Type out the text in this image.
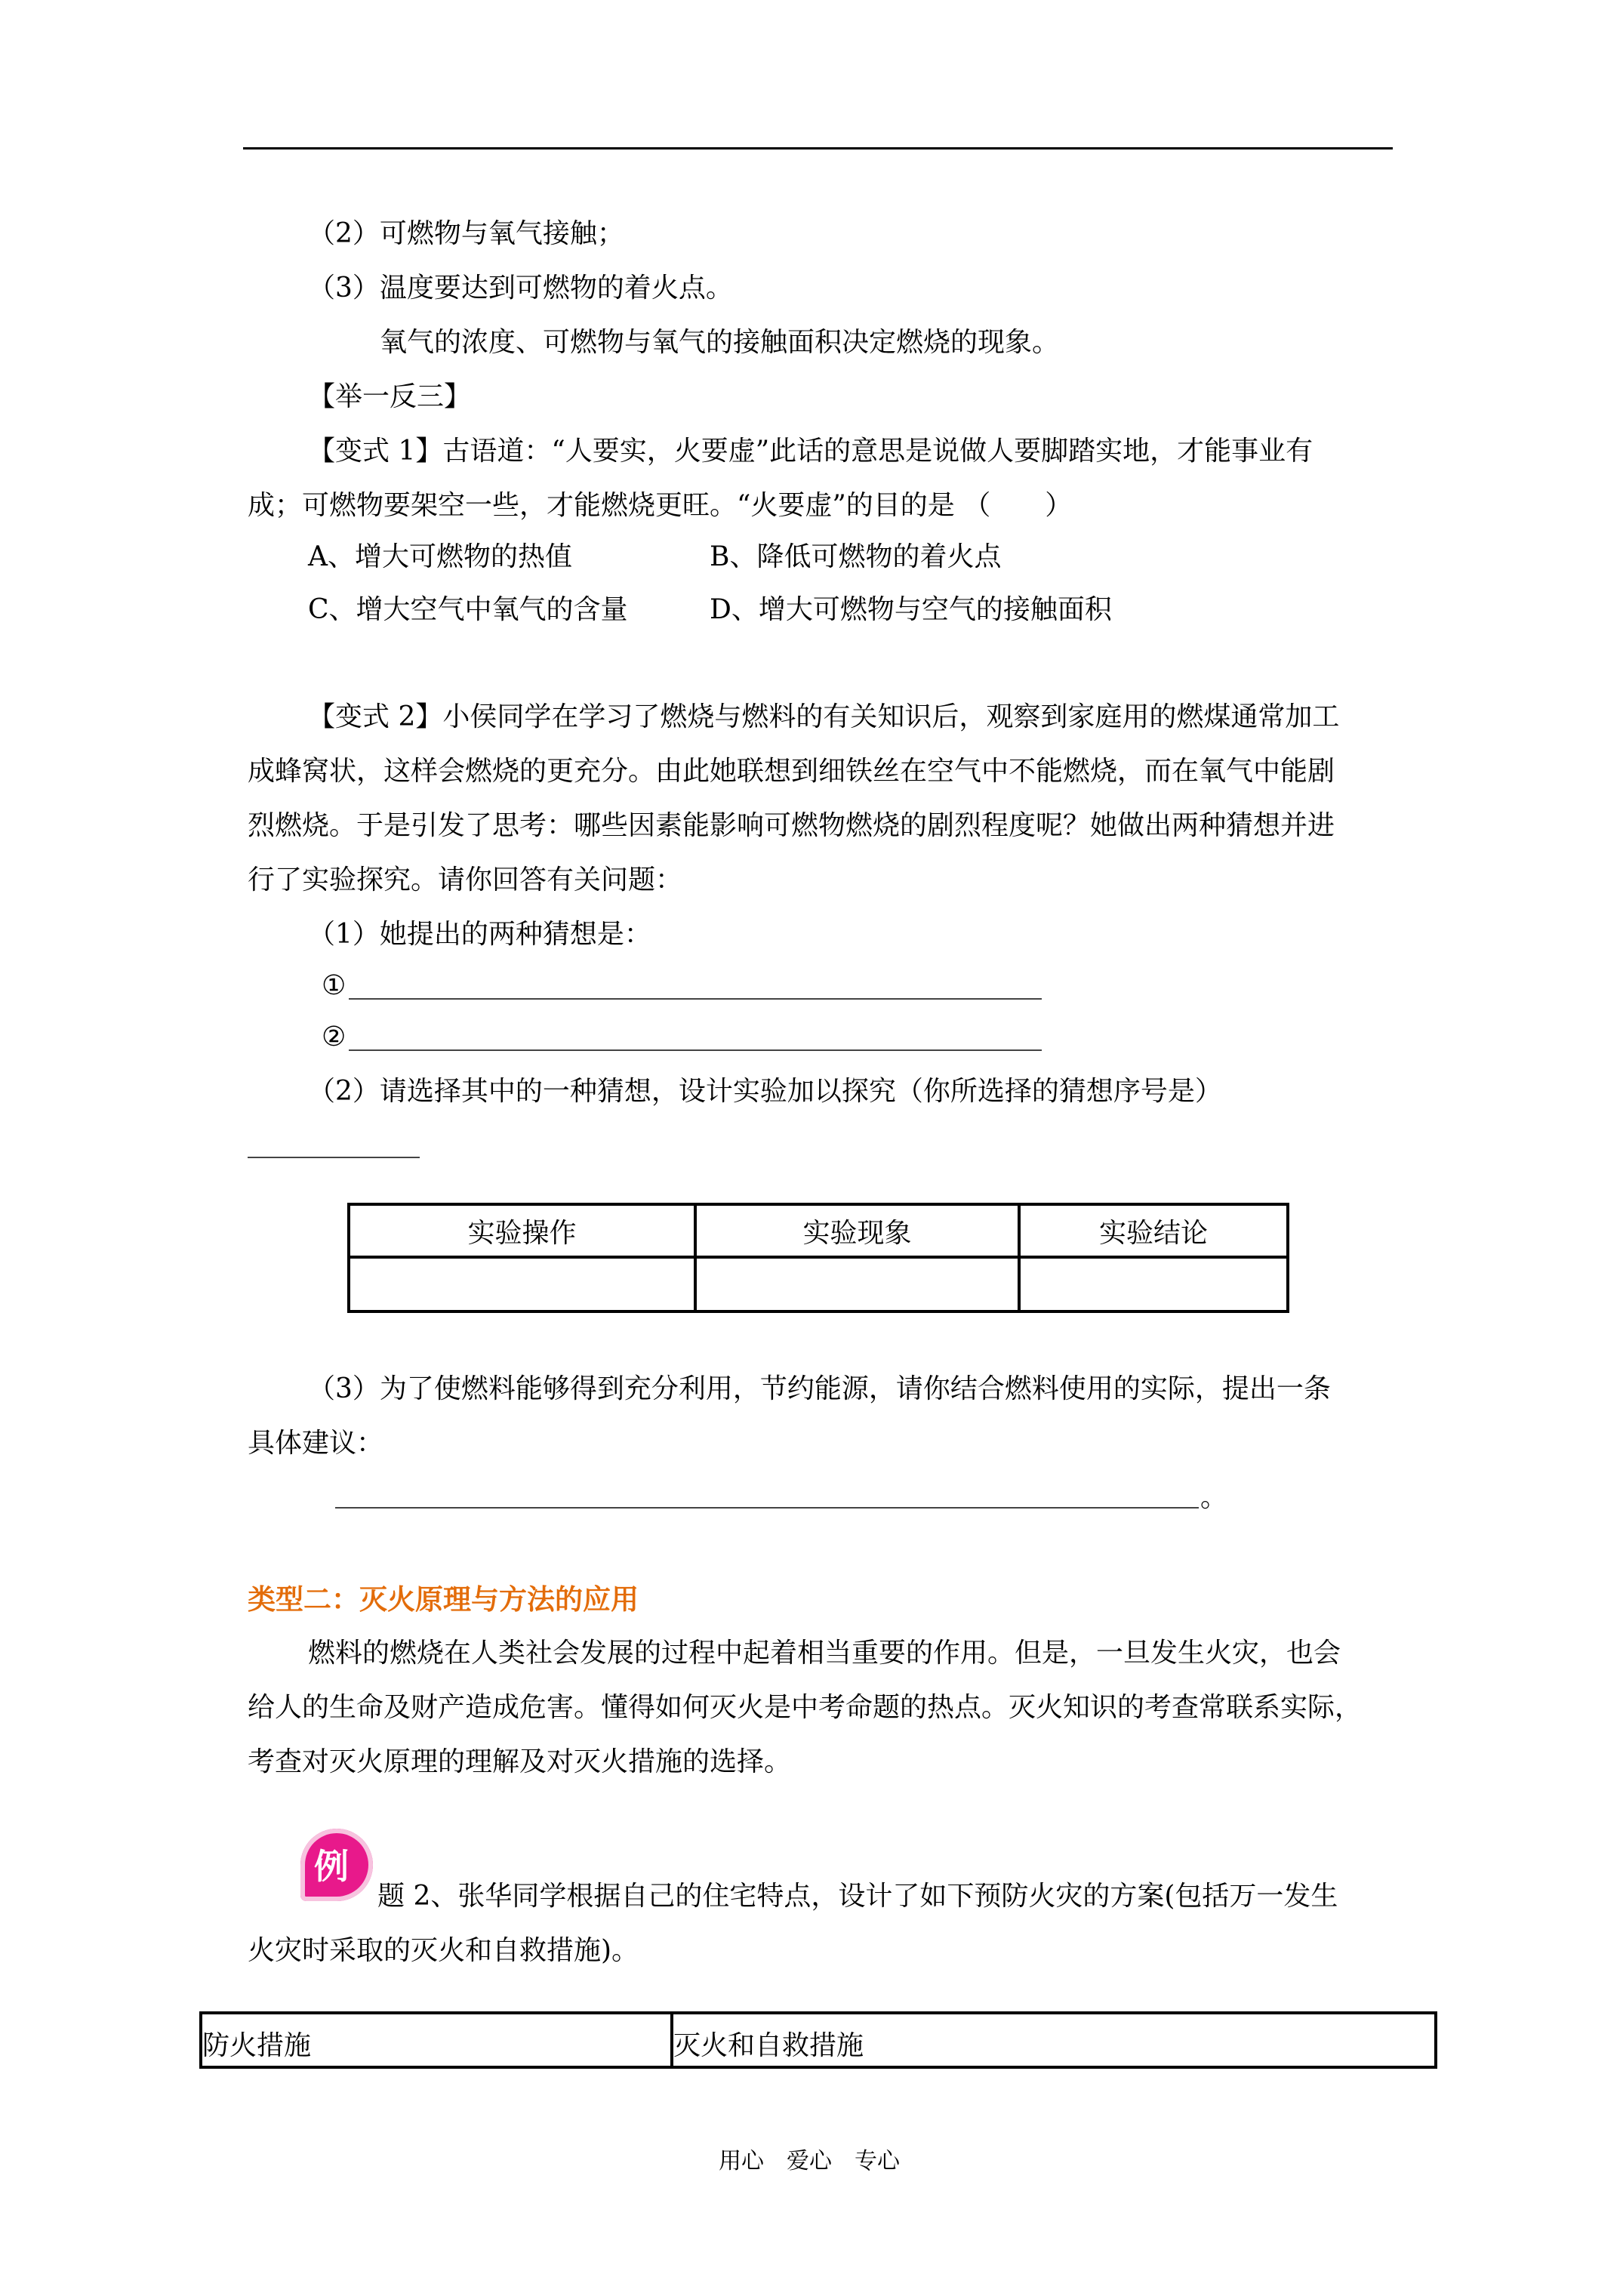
（2）可燃物与氧气接触；
（3）温度要达到可燃物的着火点。
氧气的浓度、可燃物与氧气的接触面积决定燃烧的现象。
【举一反三】
【变式 1】古语道：“人要实，火要虚”此话的意思是说做人要脚踏实地，才能事业有
成；可燃物要架空一些，才能燃烧更旺。“火要虚”的目的是 （　　）
A、增大可燃物的热值	B、降低可燃物的着火点
C、增大空气中氧气的含量	D、增大可燃物与空气的接触面积
【变式 2】小侯同学在学习了燃烧与燃料的有关知识后，观察到家庭用的燃煤通常加工
成蜂窝状，这样会燃烧的更充分。由此她联想到细铁丝在空气中不能燃烧，而在氧气中能剧
烈燃烧。于是引发了思考：哪些因素能影响可燃物燃烧的剧烈程度呢？她做出两种猜想并进
行了实验探究。请你回答有关问题：
（1）她提出的两种猜想是：
①
②
（2）请选择其中的一种猜想，设计实验加以探究（你所选择的猜想序号是）
实验操作	实验现象	实验结论

（3）为了使燃料能够得到充分利用，节约能源，请你结合燃料使用的实际，提出一条
具体建议：
。
类型二：灭火原理与方法的应用
燃料的燃烧在人类社会发展的过程中起着相当重要的作用。但是，一旦发生火灾，也会
给人的生命及财产造成危害。懂得如何灭火是中考命题的热点。灭火知识的考查常联系实际，
考查对灭火原理的理解及对灭火措施的选择。
例
题 2、张华同学根据自己的住宅特点，设计了如下预防火灾的方案(包括万一发生
火灾时采取的灭火和自救措施)。
防火措施	灭火和自救措施
用心　爱心　专心
